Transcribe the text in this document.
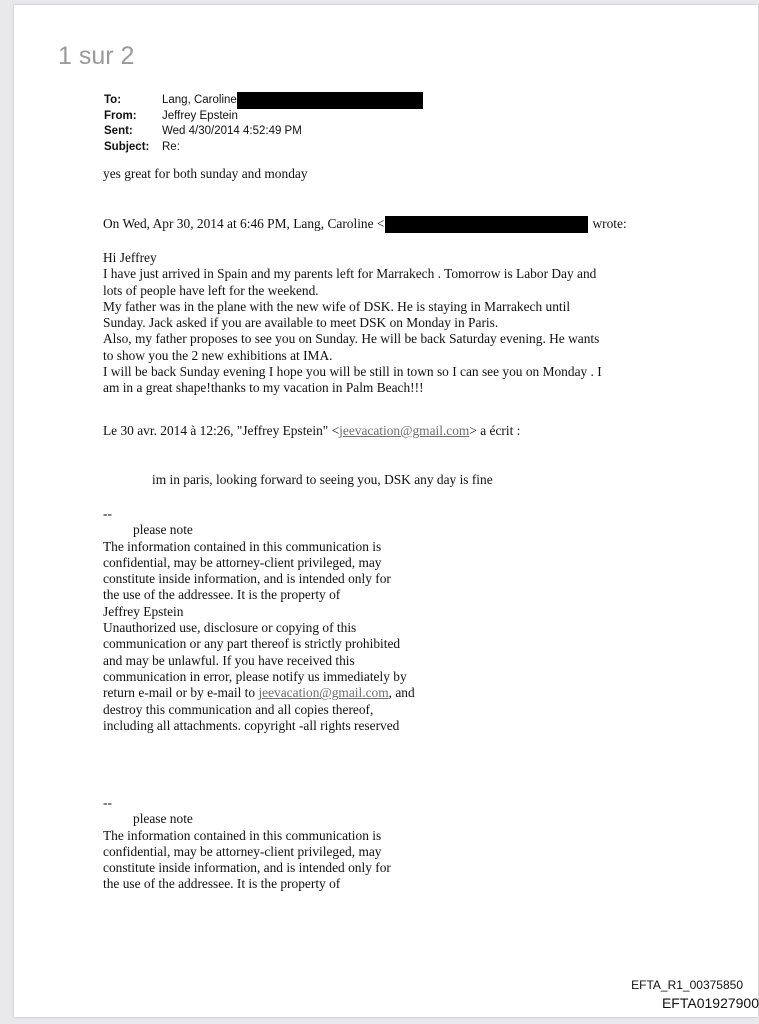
1 sur 2
To:	Lang, Caroline
From:	Jeffrey Epstein
Sent:	Wed 4/30/2014 4:52:49 PM
Subject:	Re:
yes great for both sunday and monday
On Wed, Apr 30, 2014 at 6:46 PM, Lang, Caroline <	wrote:

Hi Jeffrey

I have just arrived in Spain and my parents left for Marrakech . Tomorrow is Labor Day and

lots of people have left for the weekend.

My father was in the plane with the new wife of DSK. He is staying in Marrakech until

Sunday. Jack asked if you are available to meet DSK on Monday in Paris.

Also, my father proposes to see you on Sunday. He will be back Saturday evening. He wants

to show you the 2 new exhibitions at IMA.

I will be back Sunday evening I hope you will be still in town so I can see you on Monday . I

am in a great shape!thanks to my vacation in Palm Beach!!!

Le 30 avr. 2014 à 12:26, "Jeffrey Epstein" <jeevacation@gmail.com> a écrit :
im in paris, looking forward to seeing you, DSK any day is fine

--

please note

The information contained in this communication is

confidential, may be attorney-client privileged, may

constitute inside information, and is intended only for

the use of the addressee. It is the property of

Jeffrey Epstein

Unauthorized use, disclosure or copying of this

communication or any part thereof is strictly prohibited

and may be unlawful. If you have received this

communication in error, please notify us immediately by

return e-mail or by e-mail to jeevacation@gmail.com, and

destroy this communication and all copies thereof,

including all attachments. copyright -all rights reserved

--

please note

The information contained in this communication is

confidential, may be attorney-client privileged, may

constitute inside information, and is intended only for

the use of the addressee. It is the property of

EFTA_R1_00375850
EFTA01927900
